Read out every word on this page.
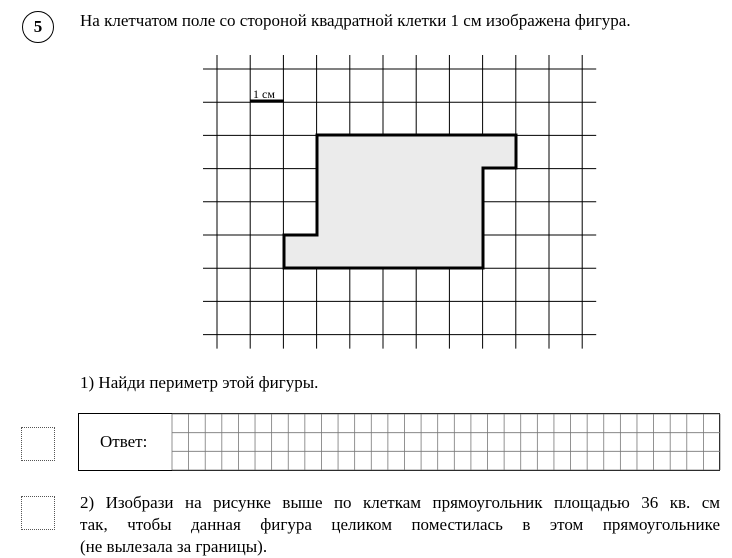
5 На клетчатом поле со стороной квадратной клетки 1 см изображена фигура.
1 см
1) Найди периметр этой фигуры.
Ответ:
2) Изобрази на рисунке выше по клеткам прямоугольник площадью 36 кв. см
так, чтобы данная фигура целиком поместилась в этом прямоугольнике
(не вылезала за границы).
